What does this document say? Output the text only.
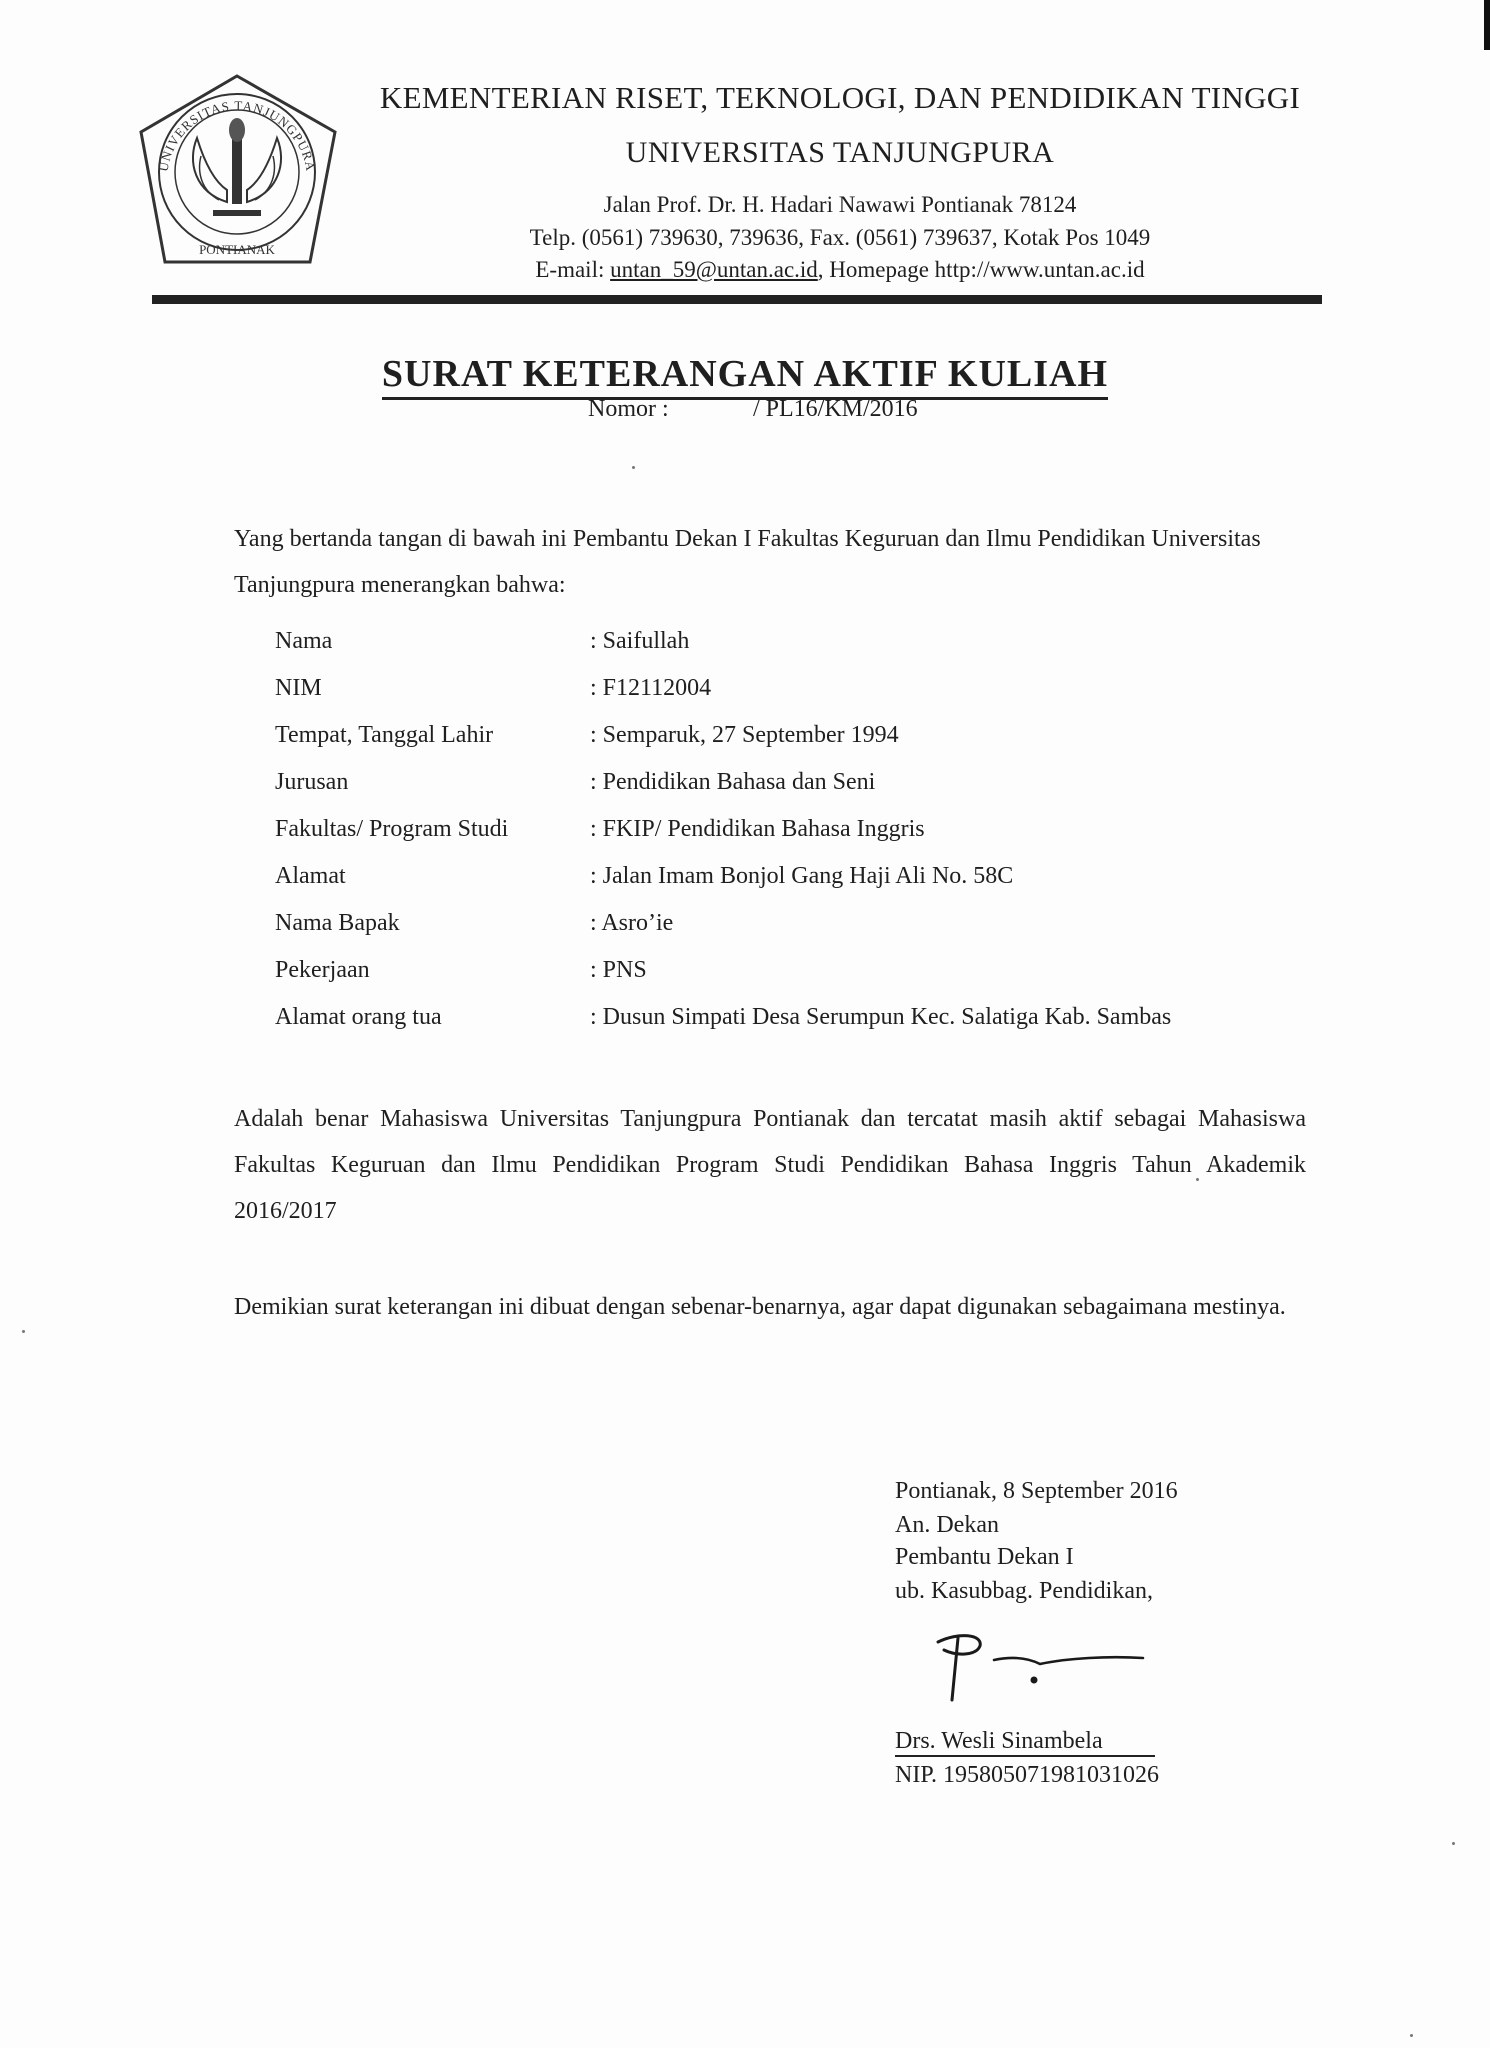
UNIVERSITAS TANJUNGPURA
PONTIANAK
KEMENTERIAN RISET, TEKNOLOGI, DAN PENDIDIKAN TINGGI
UNIVERSITAS TANJUNGPURA
Jalan Prof. Dr. H. Hadari Nawawi Pontianak 78124
Telp. (0561) 739630, 739636, Fax. (0561) 739637, Kotak Pos 1049
E-mail: untan_59@untan.ac.id, Homepage http://www.untan.ac.id
SURAT KETERANGAN AKTIF KULIAH
Nomor :	/ PL16/KM/2016
Yang bertanda tangan di bawah ini Pembantu Dekan I Fakultas Keguruan dan Ilmu Pendidikan Universitas Tanjungpura menerangkan bahwa:
Nama	: Saifullah
NIM	: F12112004
Tempat, Tanggal Lahir	: Semparuk, 27 September 1994
Jurusan	: Pendidikan Bahasa dan Seni
Fakultas/ Program Studi	: FKIP/ Pendidikan Bahasa Inggris
Alamat	: Jalan Imam Bonjol Gang Haji Ali No. 58C
Nama Bapak	: Asro’ie
Pekerjaan	: PNS
Alamat orang tua	: Dusun Simpati Desa Serumpun Kec. Salatiga Kab. Sambas
Adalah benar Mahasiswa Universitas Tanjungpura Pontianak dan tercatat masih aktif sebagai Mahasiswa Fakultas Keguruan dan Ilmu Pendidikan Program Studi Pendidikan Bahasa Inggris Tahun Akademik 2016/2017
Demikian surat keterangan ini dibuat dengan sebenar-benarnya, agar dapat digunakan sebagaimana mestinya.
Pontianak, 8 September 2016
An. Dekan
Pembantu Dekan I
ub. Kasubbag. Pendidikan,
Drs. Wesli Sinambela
NIP. 195805071981031026
